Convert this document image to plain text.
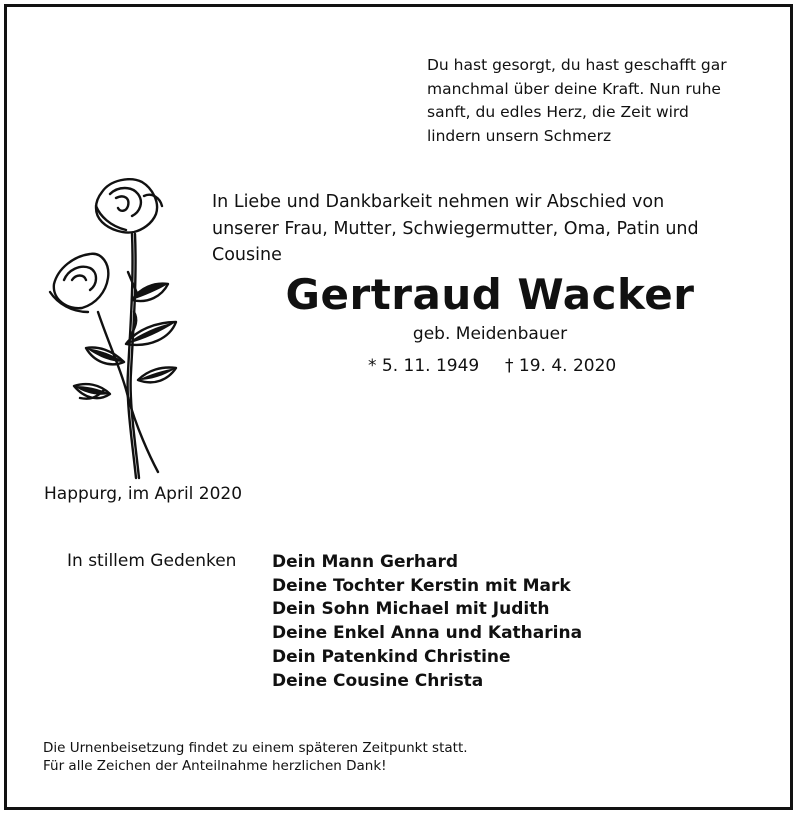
Du hast gesorgt, du hast geschafft gar
manchmal über deine Kraft. Nun ruhe
sanft, du edles Herz, die Zeit wird
lindern unsern Schmerz
In Liebe und Dankbarkeit nehmen wir Abschied von
unserer Frau, Mutter, Schwiegermutter, Oma, Patin und
Cousine
Gertraud Wacker
geb. Meidenbauer
* 5. 11. 1949 † 19. 4. 2020
Happurg, im April 2020
In stillem Gedenken Dein Mann Gerhard
Deine Tochter Kerstin mit Mark
Dein Sohn Michael mit Judith
Deine Enkel Anna und Katharina
Dein Patenkind Christine
Deine Cousine Christa
Die Urnenbeisetzung findet zu einem späteren Zeitpunkt statt.
Für alle Zeichen der Anteilnahme herzlichen Dank!
